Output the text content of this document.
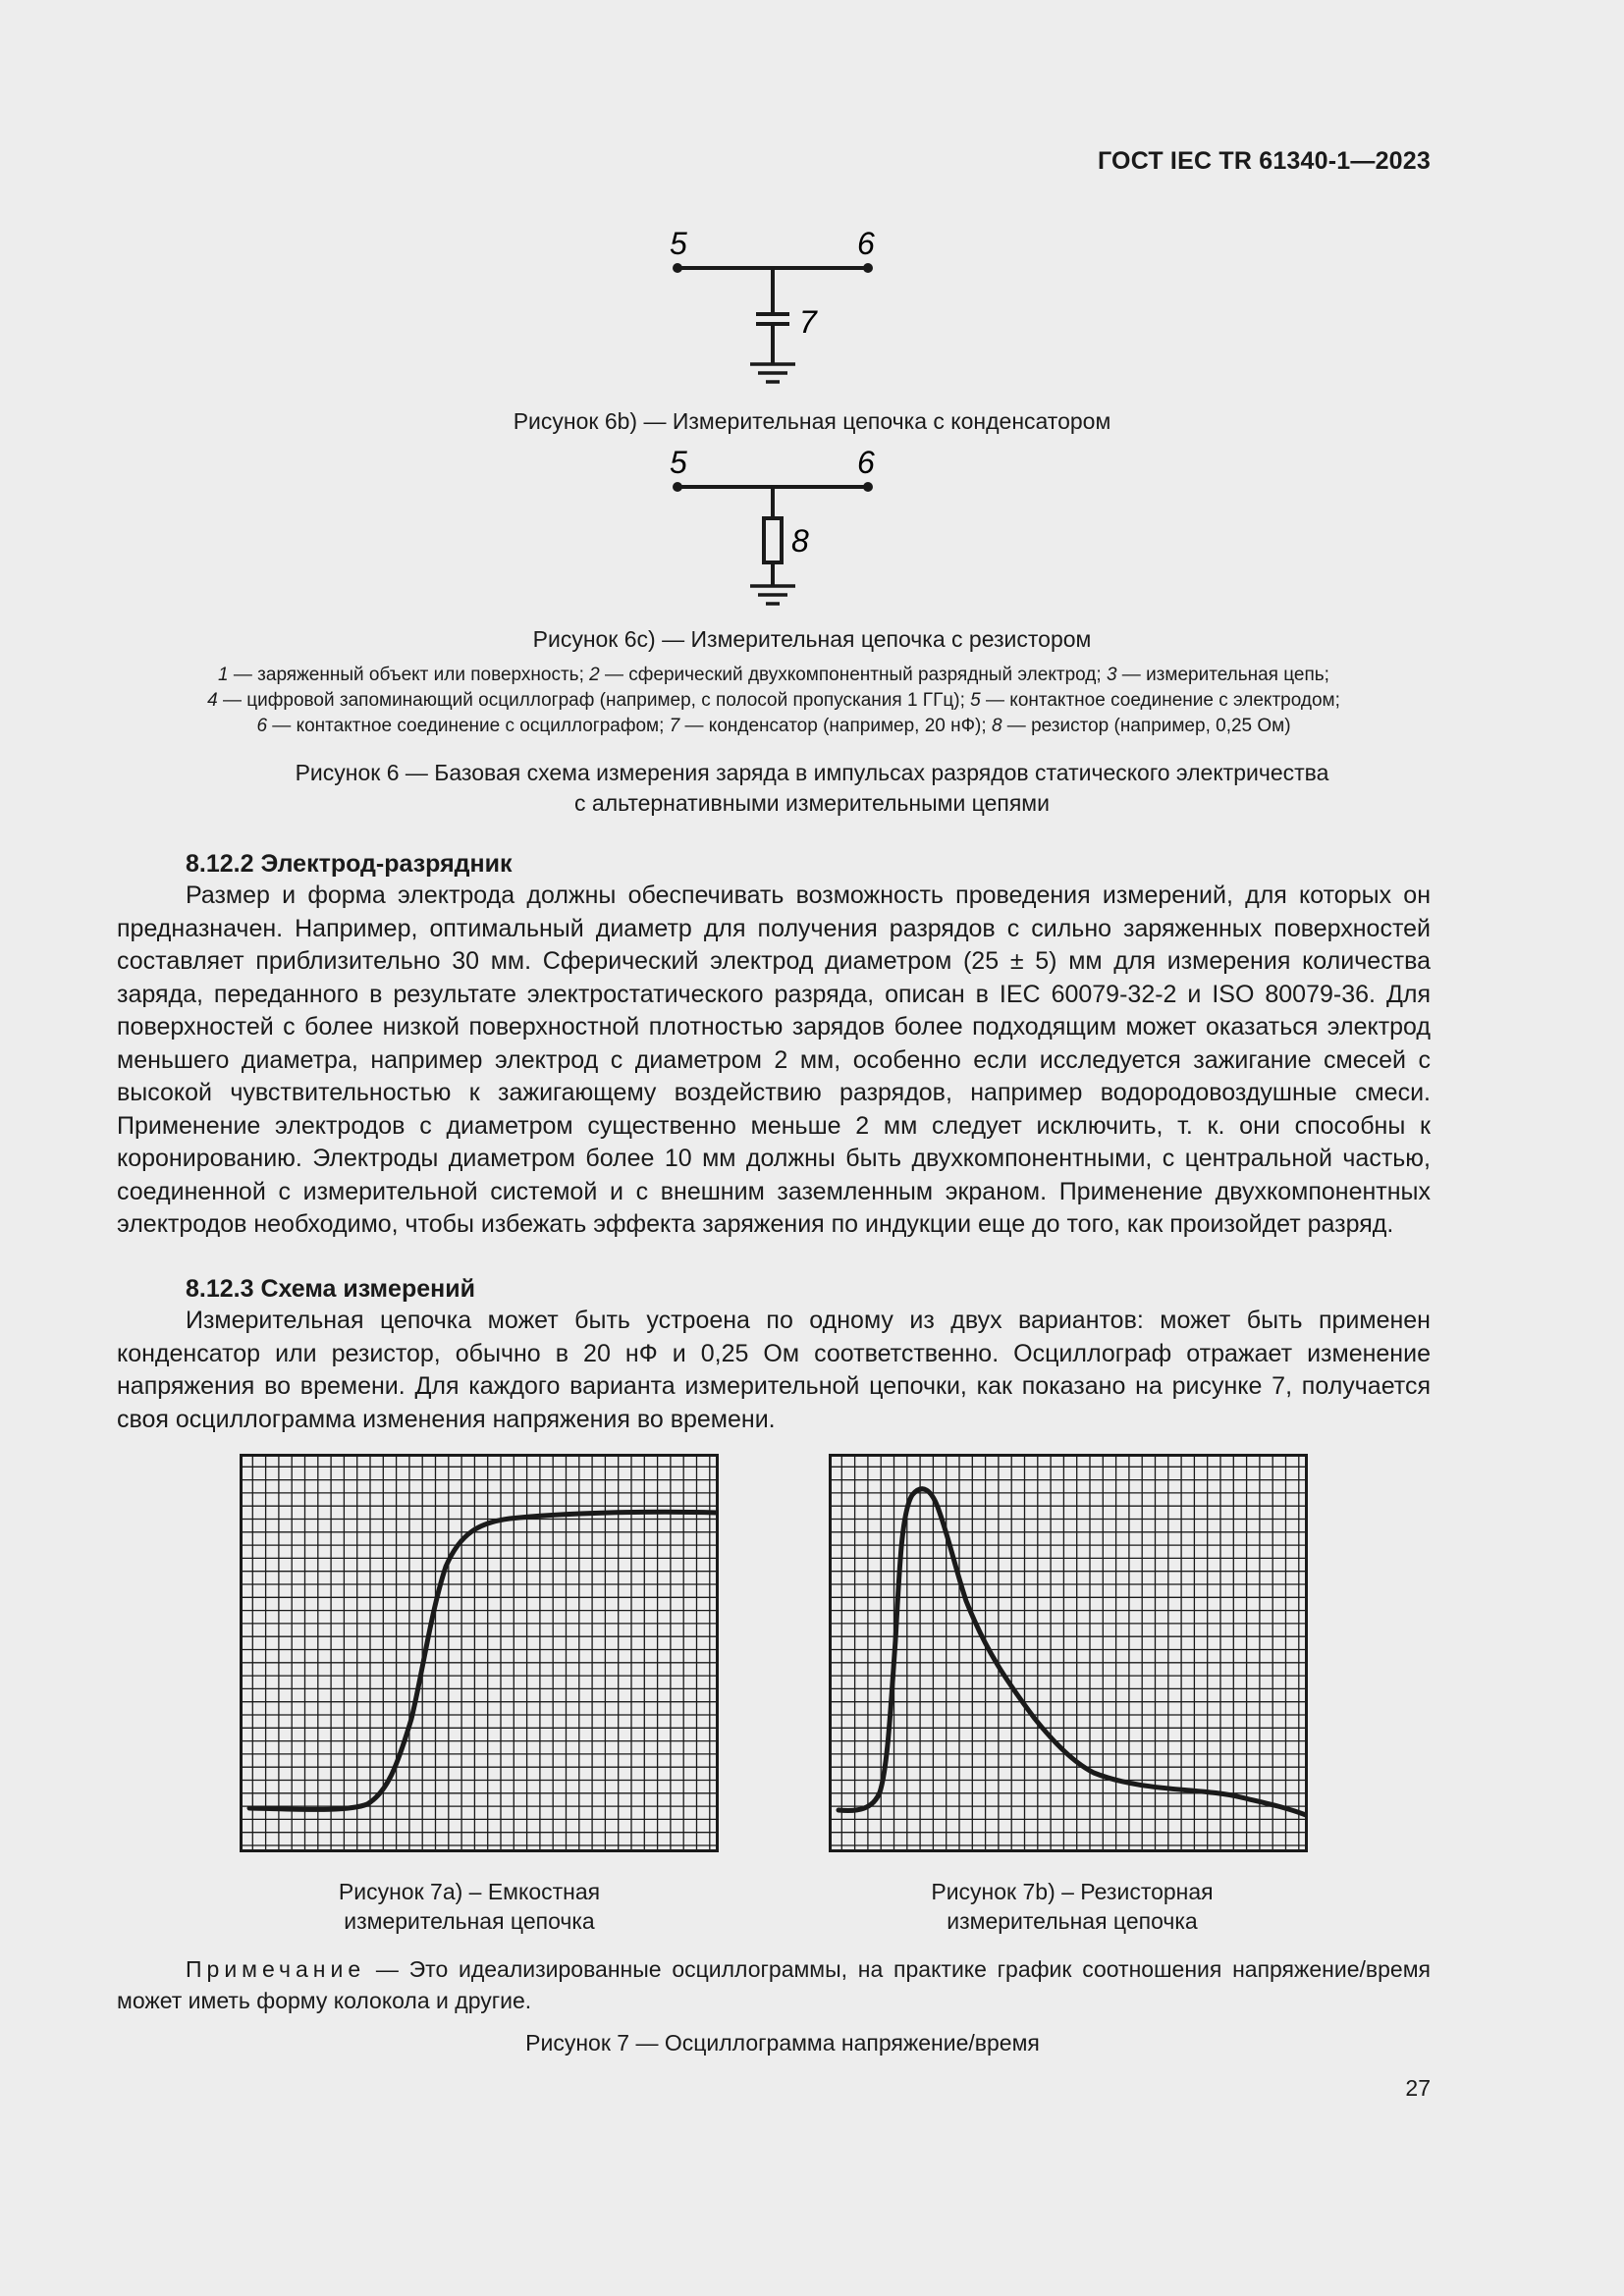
ГОСТ IEC TR 61340-1—2023
5	6
7
Рисунок 6b) — Измерительная цепочка с конденсатором
5	6
8
Рисунок 6c) — Измерительная цепочка с резистором
1 — заряженный объект или поверхность; 2 — сферический двухкомпонентный разрядный электрод; 3 — измерительная цепь;
4 — цифровой запоминающий осциллограф (например, с полосой пропускания 1 ГГц); 5 — контактное соединение с электродом;
6 — контактное соединение с осциллографом; 7 — конденсатор (например, 20 нФ); 8 — резистор (например, 0,25 Ом)
Рисунок 6 — Базовая схема измерения заряда в импульсах разрядов статического электричества
с альтернативными измерительными цепями
8.12.2 Электрод-разрядник
Размер и форма электрода должны обеспечивать возможность проведения измерений, для которых он предназначен. Например, оптимальный диаметр для получения разрядов с сильно заряженных поверхностей составляет приблизительно 30 мм. Сферический электрод диаметром (25 ± 5) мм для измерения количества заряда, переданного в результате электростатического разряда, описан в IEC 60079-32-2 и ISO 80079-36. Для поверхностей с более низкой поверхностной плотностью зарядов более подходящим может оказаться электрод меньшего диаметра, например электрод с диаметром 2 мм, особенно если исследуется зажигание смесей с высокой чувствительностью к зажигающему воздействию разрядов, например водородовоздушные смеси. Применение электродов с диаметром существенно меньше 2 мм следует исключить, т. к. они способны к коронированию. Электроды диаметром более 10 мм должны быть двухкомпонентными, с центральной частью, соединенной с измерительной системой и с внешним заземленным экраном. Применение двухкомпонентных электродов необходимо, чтобы избежать эффекта заряжения по индукции еще до того, как произойдет разряд.
8.12.3 Схема измерений
Измерительная цепочка может быть устроена по одному из двух вариантов: может быть применен конденсатор или резистор, обычно в 20 нФ и 0,25 Ом соответственно. Осциллограф отражает изменение напряжения во времени. Для каждого варианта измерительной цепочки, как показано на рисунке 7, получается своя осциллограмма изменения напряжения во времени.
Рисунок 7a) – Емкостная
измерительная цепочка
Рисунок 7b) – Резисторная
измерительная цепочка
Примечание — Это идеализированные осциллограммы, на практике график соотношения напряжение/время может иметь форму колокола и другие.
Рисунок 7 — Осциллограмма напряжение/время
27
